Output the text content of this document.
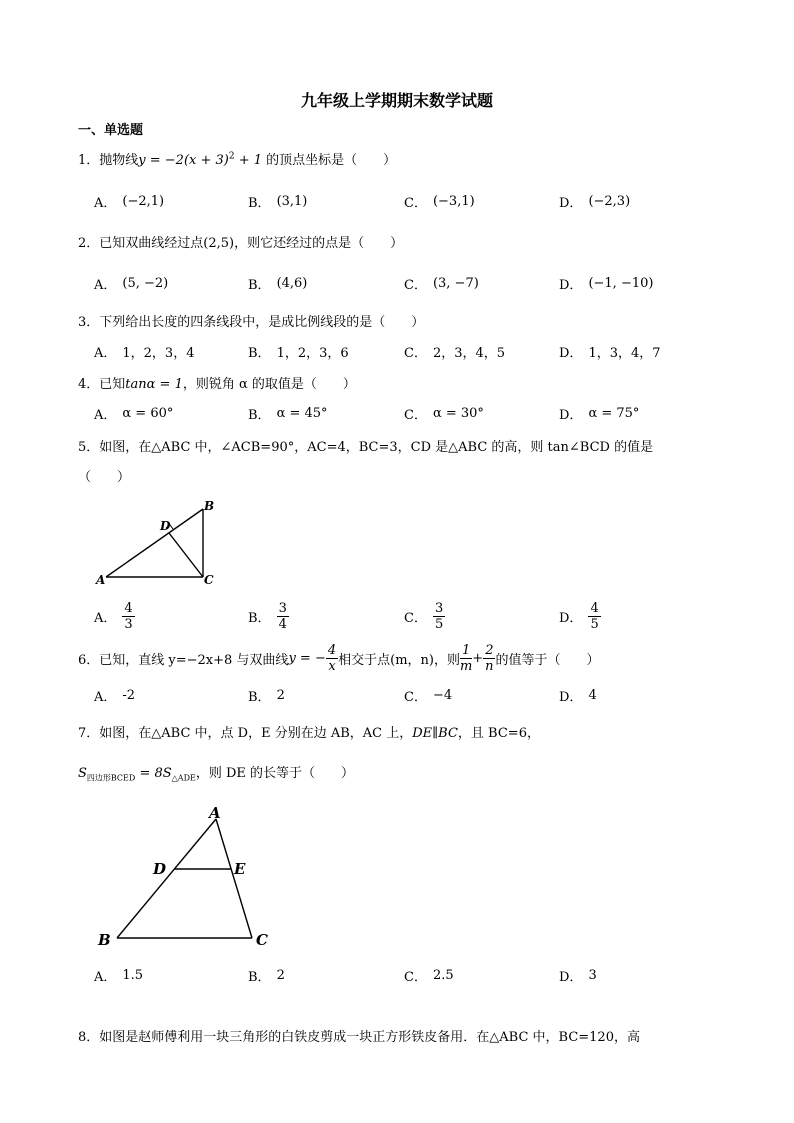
九年级上学期期末数学试题
一、单选题
1．抛物线$y = -2(x + 3)^2 + 1$ 的顶点坐标是（　　）
A． (−2,1)	B． (3,1)	C． (−3,1)	D． (−2,3)
2．已知双曲线经过点(2,5)，则它还经过的点是（　　）
A． (5, −2)	B． (4,6)	C． (3, −7)	D． (−1, −10)
3．下列给出长度的四条线段中，是成比例线段的是（　　）
A． 1，2，3，4	B． 1，2，3，6	C． 2，3，4，5	D． 1，3，4，7
4．已知tanα = 1，则锐角 α 的取值是（　　）
A． α = 60°	B． α = 45°	C． α = 30°	D． α = 75°
5．如图，在△ABC 中，∠ACB=90°，AC=4，BC=3，CD 是△ABC 的高，则 tan∠BCD 的值是
（　　）
A
B
C
D
A． $\frac{4}{3}$	B． $\frac{3}{4}$	C． $\frac{3}{5}$	D． $\frac{4}{5}$
6．已知，直线 y=−2x+8 与双曲线 y = − $\frac{4}{x}$ 相交于点(m，n)，则 $\frac{1}{m} + \frac{2}{n}$ 的值等于（　　）
A． -2	B． 2	C． −4	D． 4
7．如图，在△ABC 中，点 D，E 分别在边 AB，AC 上，DE∥BC，且 BC=6，
$S_{四边形BCED} = 8S_{\triangle ADE}$，则 DE 的长等于（　　）
A
B	C
D	E
A． 1.5	B． 2	C． 2.5	D． 3
8．如图是赵师傅利用一块三角形的白铁皮剪成一块正方形铁皮备用．在△ABC 中，BC=120，高
